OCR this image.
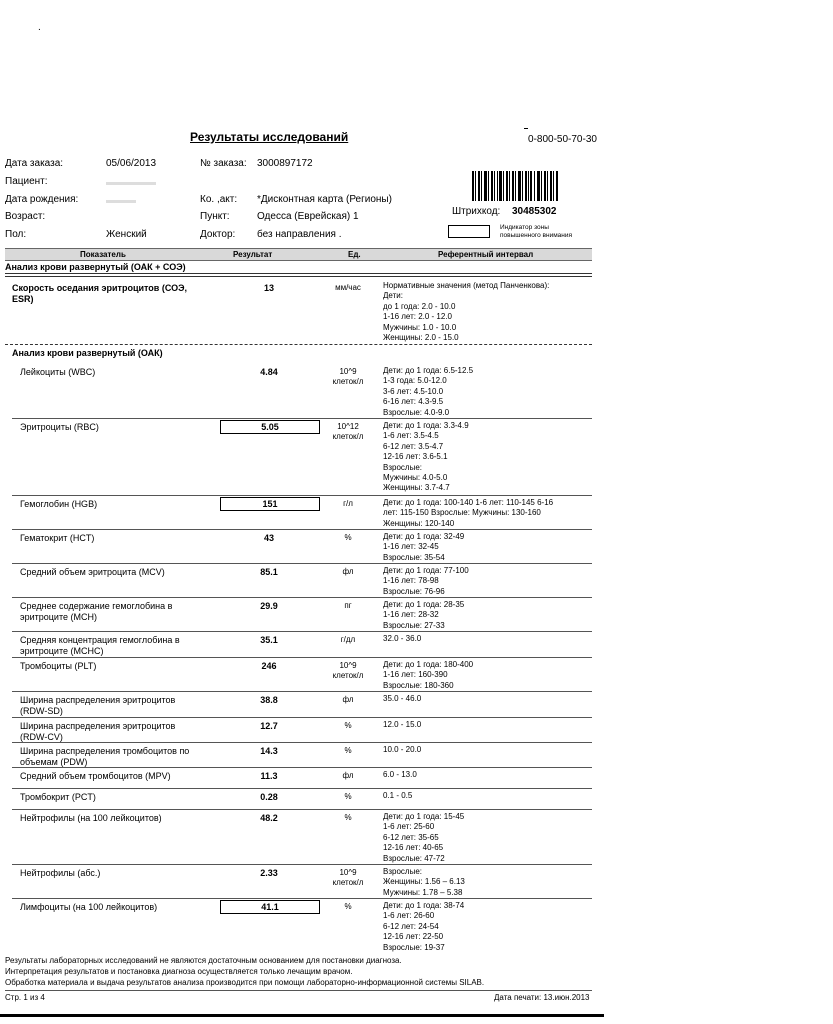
.
Результаты исследований	0-800-50-70-30
Дата заказа:	05/06/2013	№ заказа: 3000897172
Пациент:
Дата рождения:	Ко. ,акт: *Дисконтная карта (Регионы)
Возраст:	Пункт:	Одесса (Еврейская) 1
Пол:	Женский	Доктор: без направления .
Штрихкод: 30485302
Индикатор зоны повышенного внимания
Показатель	Результат	Ед.	Референтный интервал
Анализ крови развернутый (ОАК + СОЭ)
Скорость оседания эритроцитов (СОЭ,
ESR)
13	мм/час	Нормативные значения (метод Панченкова):
Дети:
до 1 года: 2.0 - 10.0
1-16 лет: 2.0 - 12.0
Мужчины: 1.0 - 10.0
Женщины: 2.0 - 15.0
Анализ крови развернутый (ОАК)
Лейкоциты (WBC)	4.84	10^9
клеток/л
Дети: до 1 года: 6.5-12.5
1-3 года: 5.0-12.0
3-6 лет: 4.5-10.0
6-16 лет: 4.3-9.5
Взрослые: 4.0-9.0
Эритроциты (RBC)	5.05	10^12
клеток/л
Дети: до 1 года: 3.3-4.9
1-6 лет: 3.5-4.5
6-12 лет: 3.5-4.7
12-16 лет: 3.6-5.1
Взрослые:
Мужчины: 4.0-5.0
Женщины: 3.7-4.7
Гемоглобин (HGB)	151	г/л	Дети: до 1 года: 100-140 1-6 лет: 110-145 6-16
лет: 115-150 Взрослые: Мужчины: 130-160
Женщины: 120-140
Гематокрит (HCT)	43	%	Дети: до 1 года: 32-49
1-16 лет: 32-45
Взрослые: 35-54
Средний объем эритроцита (MCV)	85.1	фл	Дети: до 1 года: 77-100
1-16 лет: 78-98
Взрослые: 76-96
Среднее содержание гемоглобина в
эритроците (MCH)
29.9	пг	Дети: до 1 года: 28-35
1-16 лет: 28-32
Взрослые: 27-33
Средняя концентрация гемоглобина в
эритроците (MCHC)
35.1	г/дл	32.0 - 36.0
Тромбоциты (PLT)	246	10^9
клеток/л
Дети: до 1 года: 180-400
1-16 лет: 160-390
Взрослые: 180-360
Ширина распределения эритроцитов
(RDW-SD)
38.8	фл	35.0 - 46.0
Ширина распределения эритроцитов
(RDW-CV)
12.7	%	12.0 - 15.0
Ширина распределения тромбоцитов по
объемам (PDW)
14.3	%	10.0 - 20.0
Средний объем тромбоцитов (MPV)	11.3	фл	6.0 - 13.0
Тромбокрит (PCT)	0.28	%	0.1 - 0.5
Нейтрофилы (на 100 лейкоцитов)	48.2	%	Дети: до 1 года: 15-45
1-6 лет: 25-60
6-12 лет: 35-65
12-16 лет: 40-65
Взрослые: 47-72
Нейтрофилы (абс.)	2.33	10^9
клеток/л
Взрослые:
Женщины: 1.56 – 6.13
Мужчины: 1.78 – 5.38
Лимфоциты (на 100 лейкоцитов)	41.1	%	Дети: до 1 года: 38-74
1-6 лет: 26-60
6-12 лет: 24-54
12-16 лет: 22-50
Взрослые: 19-37
Результаты лабораторных исследований не являются достаточным основанием для постановки диагноза.
Интерпретация результатов и постановка диагноза осуществляется только лечащим врачом.
Обработка материала и выдача результатов анализа производится при помощи лабораторно-информационной системы SILAB.
Стр. 1 из 4	Дата печати: 13.июн.2013
